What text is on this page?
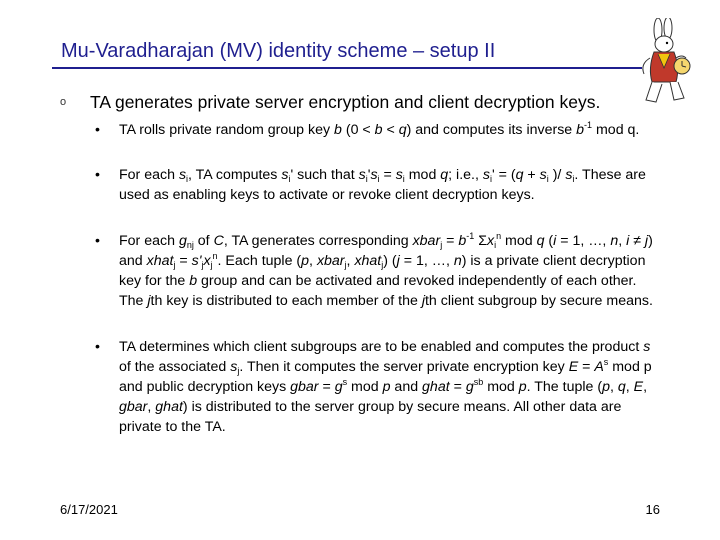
Mu-Varadharajan (MV) identity scheme – setup II
o TA generates private server encryption and client decryption keys.
• TA rolls private random group key b (0 < b < q) and computes its inverse $b^{-1}$ mod q.
• For each $s_i$, TA computes $s_i'$ such that $s_i's_i = s_i$ mod q; i.e., $s_i' = (q + s_i$ )/ $s_i$. These are used as enabling keys to activate or revoke client decryption keys.
• For each $g_{nj}$ of C, TA generates corresponding xbar$_j$ = $b^{-1}$ $\Sigma x_i^n$ mod q (i = 1, …, n, i ≠ j) and xhat$_j$ = $s'_jx_j^n$. Each tuple (p, xbar$_j$, xhat$_j$) (j = 1, …, n) is a private client decryption key for the b group and can be activated and revoked independently of each other. The jth key is distributed to each member of the jth client subgroup by secure means.
• TA determines which client subgroups are to be enabled and computes the product s of the associated $s_j$. Then it computes the server private encryption key $E = A^s$ mod p and public decryption keys gbar = $g^s$ mod p and ghat = $g^{sb}$ mod p. The tuple (p, q, E, gbar, ghat) is distributed to the server group by secure means. All other data are private to the TA.
6/17/2021	16
